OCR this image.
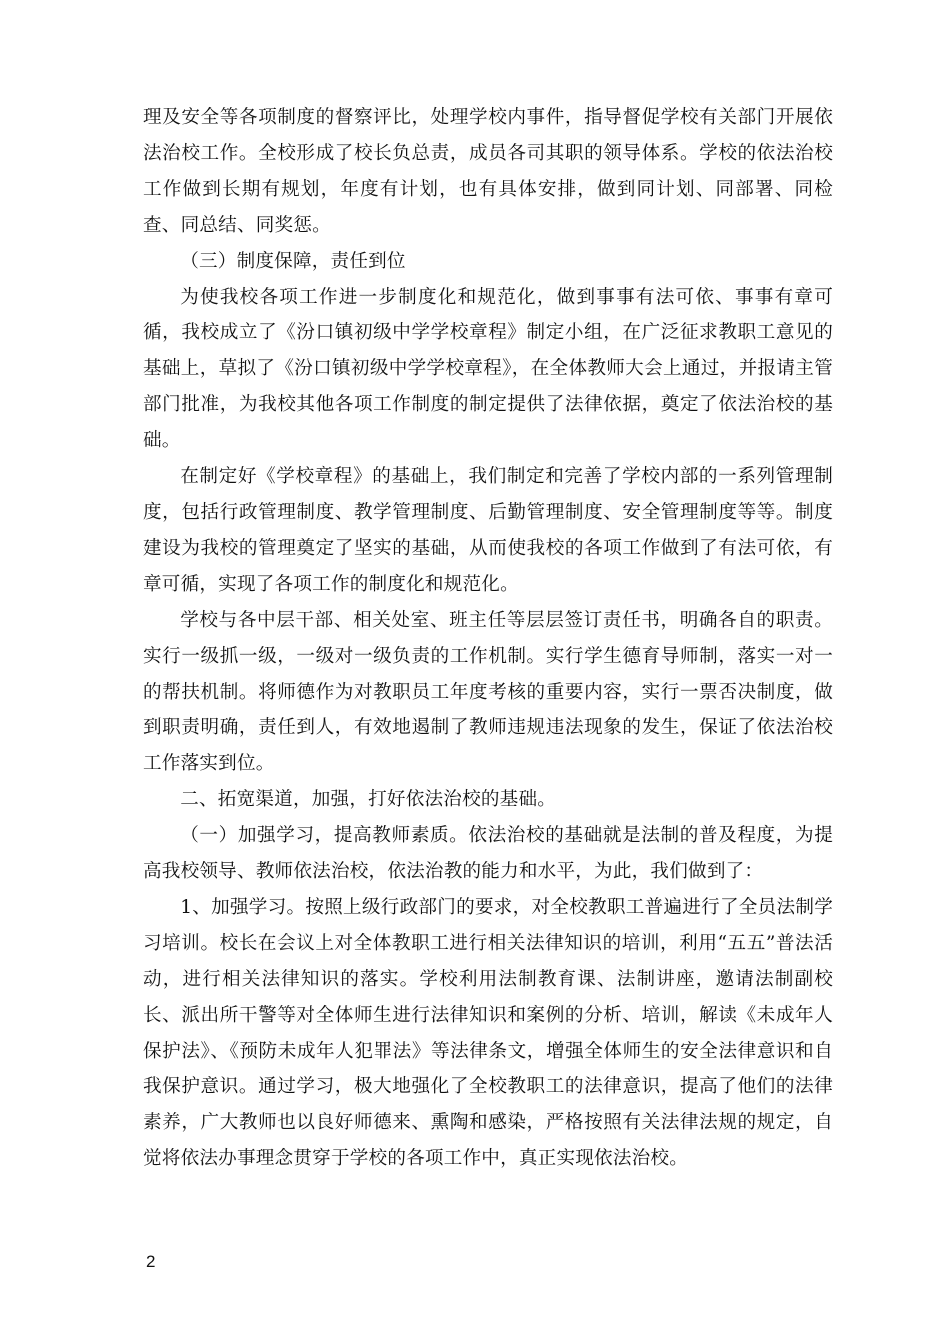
理及安全等各项制度的督察评比，处理学校内事件，指导督促学校有关部门开展依法治校工作。全校形成了校长负总责，成员各司其职的领导体系。学校的依法治校工作做到长期有规划，年度有计划，也有具体安排，做到同计划、同部署、同检查、同总结、同奖惩。

（三）制度保障，责任到位

为使我校各项工作进一步制度化和规范化，做到事事有法可依、事事有章可循，我校成立了《汾口镇初级中学学校章程》制定小组，在广泛征求教职工意见的基础上，草拟了《汾口镇初级中学学校章程》，在全体教师大会上通过，并报请主管部门批准，为我校其他各项工作制度的制定提供了法律依据，奠定了依法治校的基础。

在制定好《学校章程》的基础上，我们制定和完善了学校内部的一系列管理制度，包括行政管理制度、教学管理制度、后勤管理制度、安全管理制度等等。制度建设为我校的管理奠定了坚实的基础，从而使我校的各项工作做到了有法可依，有章可循，实现了各项工作的制度化和规范化。

学校与各中层干部、相关处室、班主任等层层签订责任书，明确各自的职责。实行一级抓一级，一级对一级负责的工作机制。实行学生德育导师制，落实一对一的帮扶机制。将师德作为对教职员工年度考核的重要内容，实行一票否决制度，做到职责明确，责任到人，有效地遏制了教师违规违法现象的发生，保证了依法治校工作落实到位。

二、拓宽渠道，加强，打好依法治校的基础。

（一）加强学习，提高教师素质。依法治校的基础就是法制的普及程度，为提高我校领导、教师依法治校，依法治教的能力和水平，为此，我们做到了：

1、加强学习。按照上级行政部门的要求，对全校教职工普遍进行了全员法制学习培训。校长在会议上对全体教职工进行相关法律知识的培训，利用“五五”普法活动，进行相关法律知识的落实。学校利用法制教育课、法制讲座，邀请法制副校长、派出所干警等对全体师生进行法律知识和案例的分析、培训，解读《未成年人保护法》、《预防未成年人犯罪法》等法律条文，增强全体师生的安全法律意识和自我保护意识。通过学习，极大地强化了全校教职工的法律意识，提高了他们的法律素养，广大教师也以良好师德来、熏陶和感染，严格按照有关法律法规的规定，自觉将依法办事理念贯穿于学校的各项工作中，真正实现依法治校。

2
